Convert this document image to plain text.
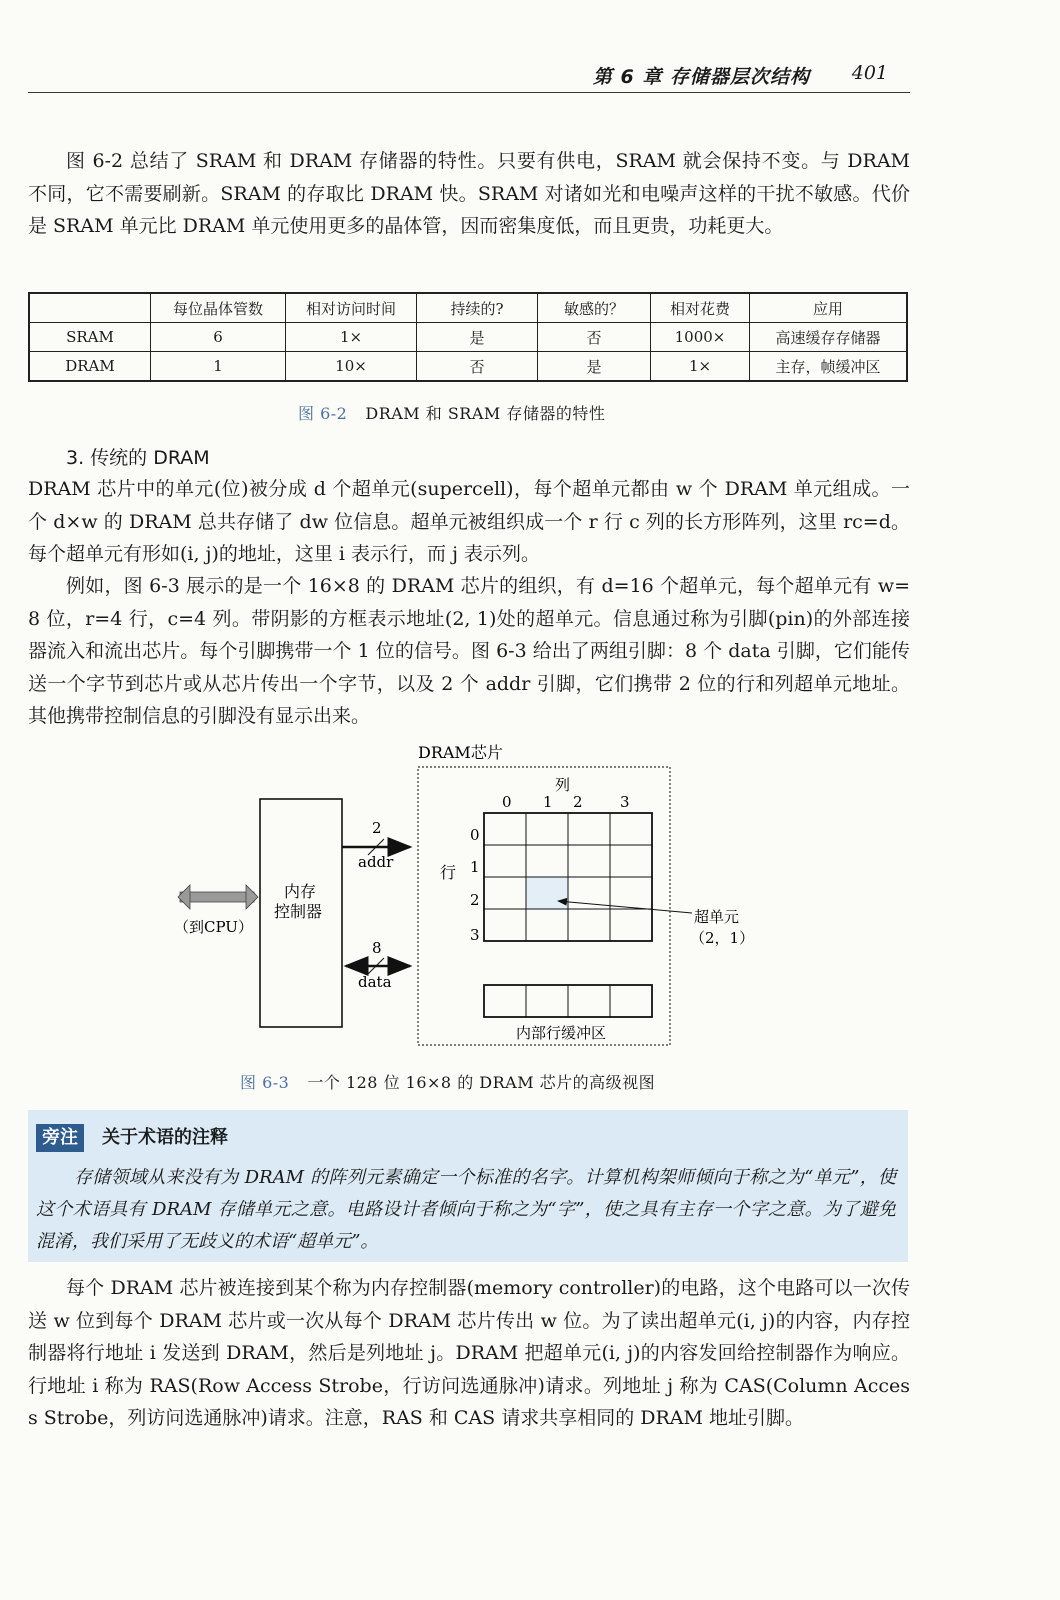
第 6 章 存储器层次结构 401

图 6-2 总结了 SRAM 和 DRAM 存储器的特性。只要有供电，SRAM 就会保持不变。与 DRAM 不同，它不需要刷新。SRAM 的存取比 DRAM 快。SRAM 对诸如光和电噪声这样的干扰不敏感。代价是 SRAM 单元比 DRAM 单元使用更多的晶体管，因而密集度低，而且更贵，功耗更大。

	每位晶体管数	相对访问时间	持续的?	敏感的？	相对花费	应用
SRAM	6	1×	是	否	1000×	高速缓存存储器
DRAM	1	10×	否	是	1×	主存，帧缓冲区
图 6-2 DRAM 和 SRAM 存储器的特性
3. 传统的 DRAM

DRAM 芯片中的单元(位)被分成 d 个超单元(supercell)，每个超单元都由 w 个 DRAM 单元组成。一个 d×w 的 DRAM 总共存储了 dw 位信息。超单元被组织成一个 r 行 c 列的长方形阵列，这里 rc=d。每个超单元有形如(i, j)的地址，这里 i 表示行，而 j 表示列。

例如，图 6-3 展示的是一个 16×8 的 DRAM 芯片的组织，有 d=16 个超单元，每个超单元有 w=8 位，r=4 行，c=4 列。带阴影的方框表示地址(2, 1)处的超单元。信息通过称为引脚(pin)的外部连接器流入和流出芯片。每个引脚携带一个 1 位的信号。图 6-3 给出了两组引脚：8 个 data 引脚，它们能传送一个字节到芯片或从芯片传出一个字节，以及 2 个 addr 引脚，它们携带 2 位的行和列超单元地址。其他携带控制信息的引脚没有显示出来。

DRAM芯片
列
0 1 2 3
行
0
1
2
3
内部行缓冲区
超单元
（2，1）
内存
控制器
（到CPU）
2
addr
8
data
图 6-3 一个 128 位 16×8 的 DRAM 芯片的高级视图
旁注	关于术语的注释

存储领域从来没有为 DRAM 的阵列元素确定一个标准的名字。计算机构架师倾向于称之为“单元”，使这个术语具有 DRAM 存储单元之意。电路设计者倾向于称之为“字”，使之具有主存一个字之意。为了避免混淆，我们采用了无歧义的术语“超单元”。

每个 DRAM 芯片被连接到某个称为内存控制器(memory controller)的电路，这个电路可以一次传送 w 位到每个 DRAM 芯片或一次从每个 DRAM 芯片传出 w 位。为了读出超单元(i, j)的内容，内存控制器将行地址 i 发送到 DRAM，然后是列地址 j。DRAM 把超单元(i, j)的内容发回给控制器作为响应。行地址 i 称为 RAS(Row Access Strobe，行访问选通脉冲)请求。列地址 j 称为 CAS(Column Access Strobe，列访问选通脉冲)请求。注意，RAS 和 CAS 请求共享相同的 DRAM 地址引脚。
